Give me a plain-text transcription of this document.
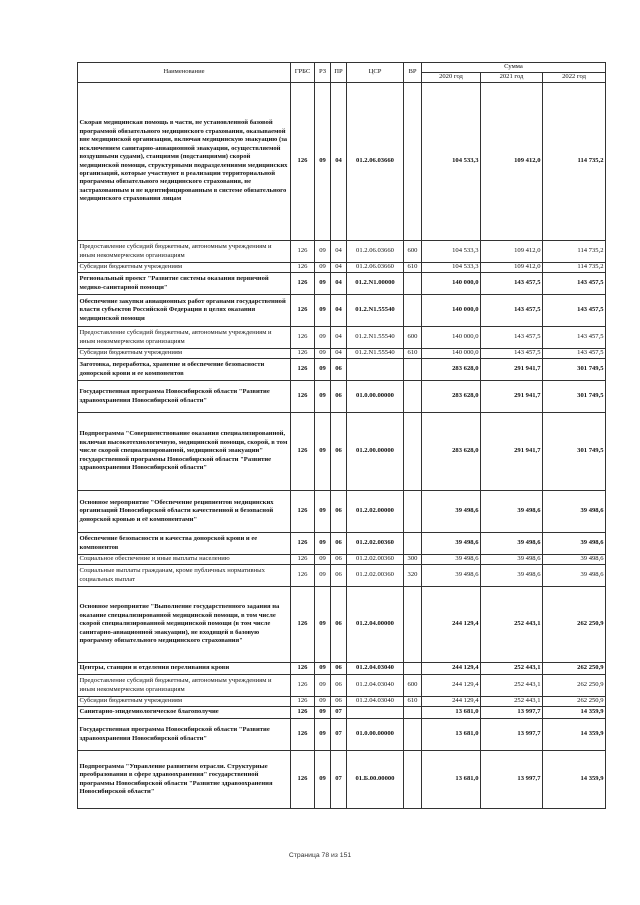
Наименование	ГРБС	РЗ	ПР	ЦСР	ВР	Сумма		
						2020 год	2021 год	2022 год
Скорая медицинская помощь в части, не установленной базовой программой обязательного медицинского страхования, оказываемой вне медицинской организации, включая медицинскую эвакуацию (за исключением санитарно-авиационной эвакуации, осуществляемой воздушными судами), станциями (подстанциями) скорой медицинской помощи, структурными подразделениями медицинских организаций, которые участвуют в реализации территориальной программы обязательного медицинского страхования, не застрахованным и не идентифицированным в системе обязательного медицинского страхования лицам	126	09	04	01.2.06.03660		104 533,3	109 412,0	114 735,2
Предоставление субсидий бюджетным, автономным учреждениям и иным некоммерческим организациям	126	09	04	01.2.06.03660	600	104 533,3	109 412,0	114 735,2
Субсидии бюджетным учреждениям	126	09	04	01.2.06.03660	610	104 533,3	109 412,0	114 735,2
Региональный проект "Развитие системы оказания первичной медико-санитарной помощи"	126	09	04	01.2.N1.00000		140 000,0	143 457,5	143 457,5
Обеспечение закупки авиационных работ органами государственной власти субъектов Российской Федерации в целях оказания медицинской помощи	126	09	04	01.2.N1.55540		140 000,0	143 457,5	143 457,5
Предоставление субсидий бюджетным, автономным учреждениям и иным некоммерческим организациям	126	09	04	01.2.N1.55540	600	140 000,0	143 457,5	143 457,5
Субсидии бюджетным учреждениям	126	09	04	01.2.N1.55540	610	140 000,0	143 457,5	143 457,5
Заготовка, переработка, хранение и обеспечение безопасности донорской крови и ее компонентов	126	09	06			283 628,0	291 941,7	301 749,5
Государственная программа Новосибирской области "Развитие здравоохранения Новосибирской области"	126	09	06	01.0.00.00000		283 628,0	291 941,7	301 749,5
Подпрограмма "Совершенствование оказания специализированной, включая высокотехнологичную, медицинской помощи, скорой, в том числе скорой специализированной, медицинской эвакуации" государственной программы Новосибирской области "Развитие здравоохранения Новосибирской области"	126	09	06	01.2.00.00000		283 628,0	291 941,7	301 749,5
Основное мероприятие "Обеспечение реципиентов медицинских организаций Новосибирской области качественной и безопасной донорской кровью и её компонентами"	126	09	06	01.2.02.00000		39 498,6	39 498,6	39 498,6
Обеспечение безопасности и качества донорской крови и ее компонентов	126	09	06	01.2.02.00360		39 498,6	39 498,6	39 498,6
Социальное обеспечение и иные выплаты населению	126	09	06	01.2.02.00360	300	39 498,6	39 498,6	39 498,6
Социальные выплаты гражданам, кроме публичных нормативных социальных выплат	126	09	06	01.2.02.00360	320	39 498,6	39 498,6	39 498,6
Основное мероприятие "Выполнение государственного задания на оказание специализированной медицинской помощи, в том числе скорой специализированной медицинской помощи (в том числе санитарно-авиационной эвакуации), не входящей в базовую программу обязательного медицинского страхования"	126	09	06	01.2.04.00000		244 129,4	252 443,1	262 250,9
Центры, станции и отделения переливания крови	126	09	06	01.2.04.03040		244 129,4	252 443,1	262 250,9
Предоставление субсидий бюджетным, автономным учреждениям и иным некоммерческим организациям	126	09	06	01.2.04.03040	600	244 129,4	252 443,1	262 250,9
Субсидии бюджетным учреждениям	126	09	06	01.2.04.03040	610	244 129,4	252 443,1	262 250,9
Санитарно-эпидемиологическое благополучие	126	09	07			13 681,0	13 997,7	14 359,9
Государственная программа Новосибирской области "Развитие здравоохранения Новосибирской области"	126	09	07	01.0.00.00000		13 681,0	13 997,7	14 359,9
Подпрограмма "Управление развитием отрасли. Структурные преобразования в сфере здравоохранения" государственной программы Новосибирской области "Развитие здравоохранения Новосибирской области"	126	09	07	01.Б.00.00000		13 681,0	13 997,7	14 359,9
Страница 78 из 151
